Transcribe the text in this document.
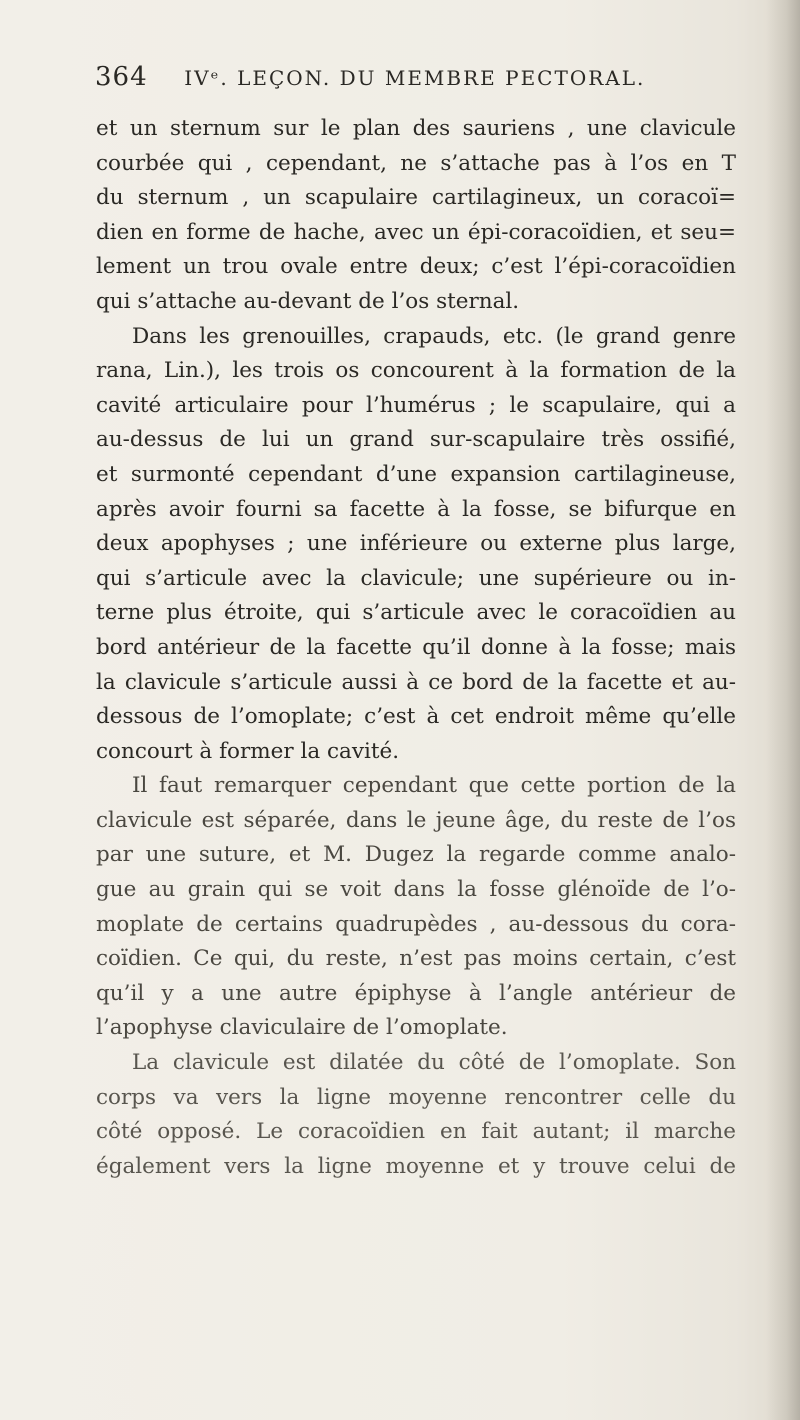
364 IVᵉ. LEÇON. DU MEMBRE PECTORAL.
et un sternum sur le plan des sauriens , une clavicule
courbée qui , cependant, ne s’attache pas à l’os en T
du sternum , un scapulaire cartilagineux, un coracoï=
dien en forme de hache, avec un épi-coracoïdien, et seu=
lement un trou ovale entre deux; c’est l’épi-coracoïdien
qui s’attache au-devant de l’os sternal.
Dans les grenouilles, crapauds, etc. (le grand genre
rana, Lin.), les trois os concourent à la formation de la
cavité articulaire pour l’humérus ; le scapulaire, qui a
au-dessus de lui un grand sur-scapulaire très ossifié,
et surmonté cependant d’une expansion cartilagineuse,
après avoir fourni sa facette à la fosse, se bifurque en
deux apophyses ; une inférieure ou externe plus large,
qui s’articule avec la clavicule; une supérieure ou in-
terne plus étroite, qui s’articule avec le coracoïdien au
bord antérieur de la facette qu’il donne à la fosse; mais
la clavicule s’articule aussi à ce bord de la facette et au-
dessous de l’omoplate; c’est à cet endroit même qu’elle
concourt à former la cavité.
Il faut remarquer cependant que cette portion de la
clavicule est séparée, dans le jeune âge, du reste de l’os
par une suture, et M. Dugez la regarde comme analo-
gue au grain qui se voit dans la fosse glénoïde de l’o-
moplate de certains quadrupèdes , au-dessous du cora-
coïdien. Ce qui, du reste, n’est pas moins certain, c’est
qu’il y a une autre épiphyse à l’angle antérieur de
l’apophyse claviculaire de l’omoplate.
La clavicule est dilatée du côté de l’omoplate. Son
corps va vers la ligne moyenne rencontrer celle du
côté opposé. Le coracoïdien en fait autant; il marche
également vers la ligne moyenne et y trouve celui de
